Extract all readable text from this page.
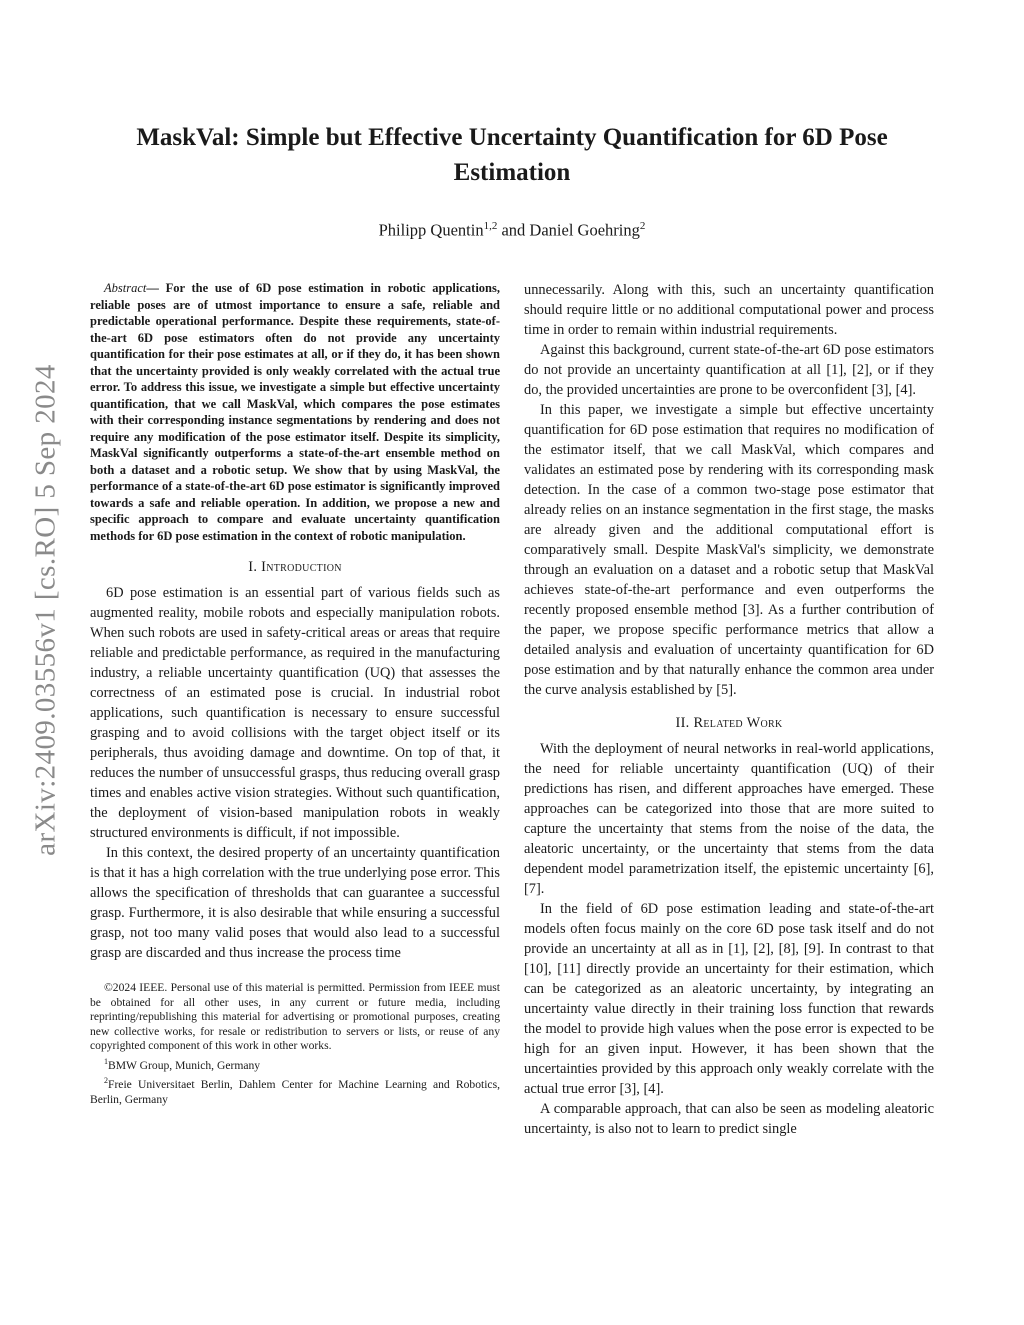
MaskVal: Simple but Effective Uncertainty Quantification for 6D Pose Estimation
Philipp Quentin$^{1,2}$ and Daniel Goehring$^2$
arXiv:2409.03556v1 [cs.RO] 5 Sep 2024

Abstract— For the use of 6D pose estimation in robotic applications, reliable poses are of utmost importance to ensure a safe, reliable and predictable operational performance. Despite these requirements, state-of-the-art 6D pose estimators often do not provide any uncertainty quantification for their pose estimates at all, or if they do, it has been shown that the uncertainty provided is only weakly correlated with the actual true error. To address this issue, we investigate a simple but effective uncertainty quantification, that we call MaskVal, which compares the pose estimates with their corresponding instance segmentations by rendering and does not require any modification of the pose estimator itself. Despite its simplicity, MaskVal significantly outperforms a state-of-the-art ensemble method on both a dataset and a robotic setup. We show that by using MaskVal, the performance of a state-of-the-art 6D pose estimator is significantly improved towards a safe and reliable operation. In addition, we propose a new and specific approach to compare and evaluate uncertainty quantification methods for 6D pose estimation in the context of robotic manipulation.

I. Introduction

6D pose estimation is an essential part of various fields such as augmented reality, mobile robots and especially manipulation robots. When such robots are used in safety-critical areas or areas that require reliable and predictable performance, as required in the manufacturing industry, a reliable uncertainty quantification (UQ) that assesses the correctness of an estimated pose is crucial. In industrial robot applications, such quantification is necessary to ensure successful grasping and to avoid collisions with the target object itself or its peripherals, thus avoiding damage and downtime. On top of that, it reduces the number of unsuccessful grasps, thus reducing overall grasp times and enables active vision strategies. Without such quantification, the deployment of vision-based manipulation robots in weakly structured environments is difficult, if not impossible.

In this context, the desired property of an uncertainty quantification is that it has a high correlation with the true underlying pose error. This allows the specification of thresholds that can guarantee a successful grasp. Furthermore, it is also desirable that while ensuring a successful grasp, not too many valid poses that would also lead to a successful grasp are discarded and thus increase the process time

©2024 IEEE. Personal use of this material is permitted. Permission from IEEE must be obtained for all other uses, in any current or future media, including reprinting/republishing this material for advertising or promotional purposes, creating new collective works, for resale or redistribution to servers or lists, or reuse of any copyrighted component of this work in other works.

$^1$BMW Group, Munich, Germany

$^2$Freie Universitaet Berlin, Dahlem Center for Machine Learning and Robotics, Berlin, Germany

unnecessarily. Along with this, such an uncertainty quantification should require little or no additional computational power and process time in order to remain within industrial requirements.

Against this background, current state-of-the-art 6D pose estimators do not provide an uncertainty quantification at all [1], [2], or if they do, the provided uncertainties are prone to be overconfident [3], [4].

In this paper, we investigate a simple but effective uncertainty quantification for 6D pose estimation that requires no modification of the estimator itself, that we call MaskVal, which compares and validates an estimated pose by rendering with its corresponding mask detection. In the case of a common two-stage pose estimator that already relies on an instance segmentation in the first stage, the masks are already given and the additional computational effort is comparatively small. Despite MaskVal's simplicity, we demonstrate through an evaluation on a dataset and a robotic setup that MaskVal achieves state-of-the-art performance and even outperforms the recently proposed ensemble method [3]. As a further contribution of the paper, we propose specific performance metrics that allow a detailed analysis and evaluation of uncertainty quantification for 6D pose estimation and by that naturally enhance the common area under the curve analysis established by [5].

II. Related Work

With the deployment of neural networks in real-world applications, the need for reliable uncertainty quantification (UQ) of their predictions has risen, and different approaches have emerged. These approaches can be categorized into those that are more suited to capture the uncertainty that stems from the noise of the data, the aleatoric uncertainty, or the uncertainty that stems from the data dependent model parametrization itself, the epistemic uncertainty [6], [7].

In the field of 6D pose estimation leading and state-of-the-art models often focus mainly on the core 6D pose task itself and do not provide an uncertainty at all as in [1], [2], [8], [9]. In contrast to that [10], [11] directly provide an uncertainty for their estimation, which can be categorized as an aleatoric uncertainty, by integrating an uncertainty value directly in their training loss function that rewards the model to provide high values when the pose error is expected to be high for an given input. However, it has been shown that the uncertainties provided by this approach only weakly correlate with the actual true error [3], [4].

A comparable approach, that can also be seen as modeling aleatoric uncertainty, is also not to learn to predict single
